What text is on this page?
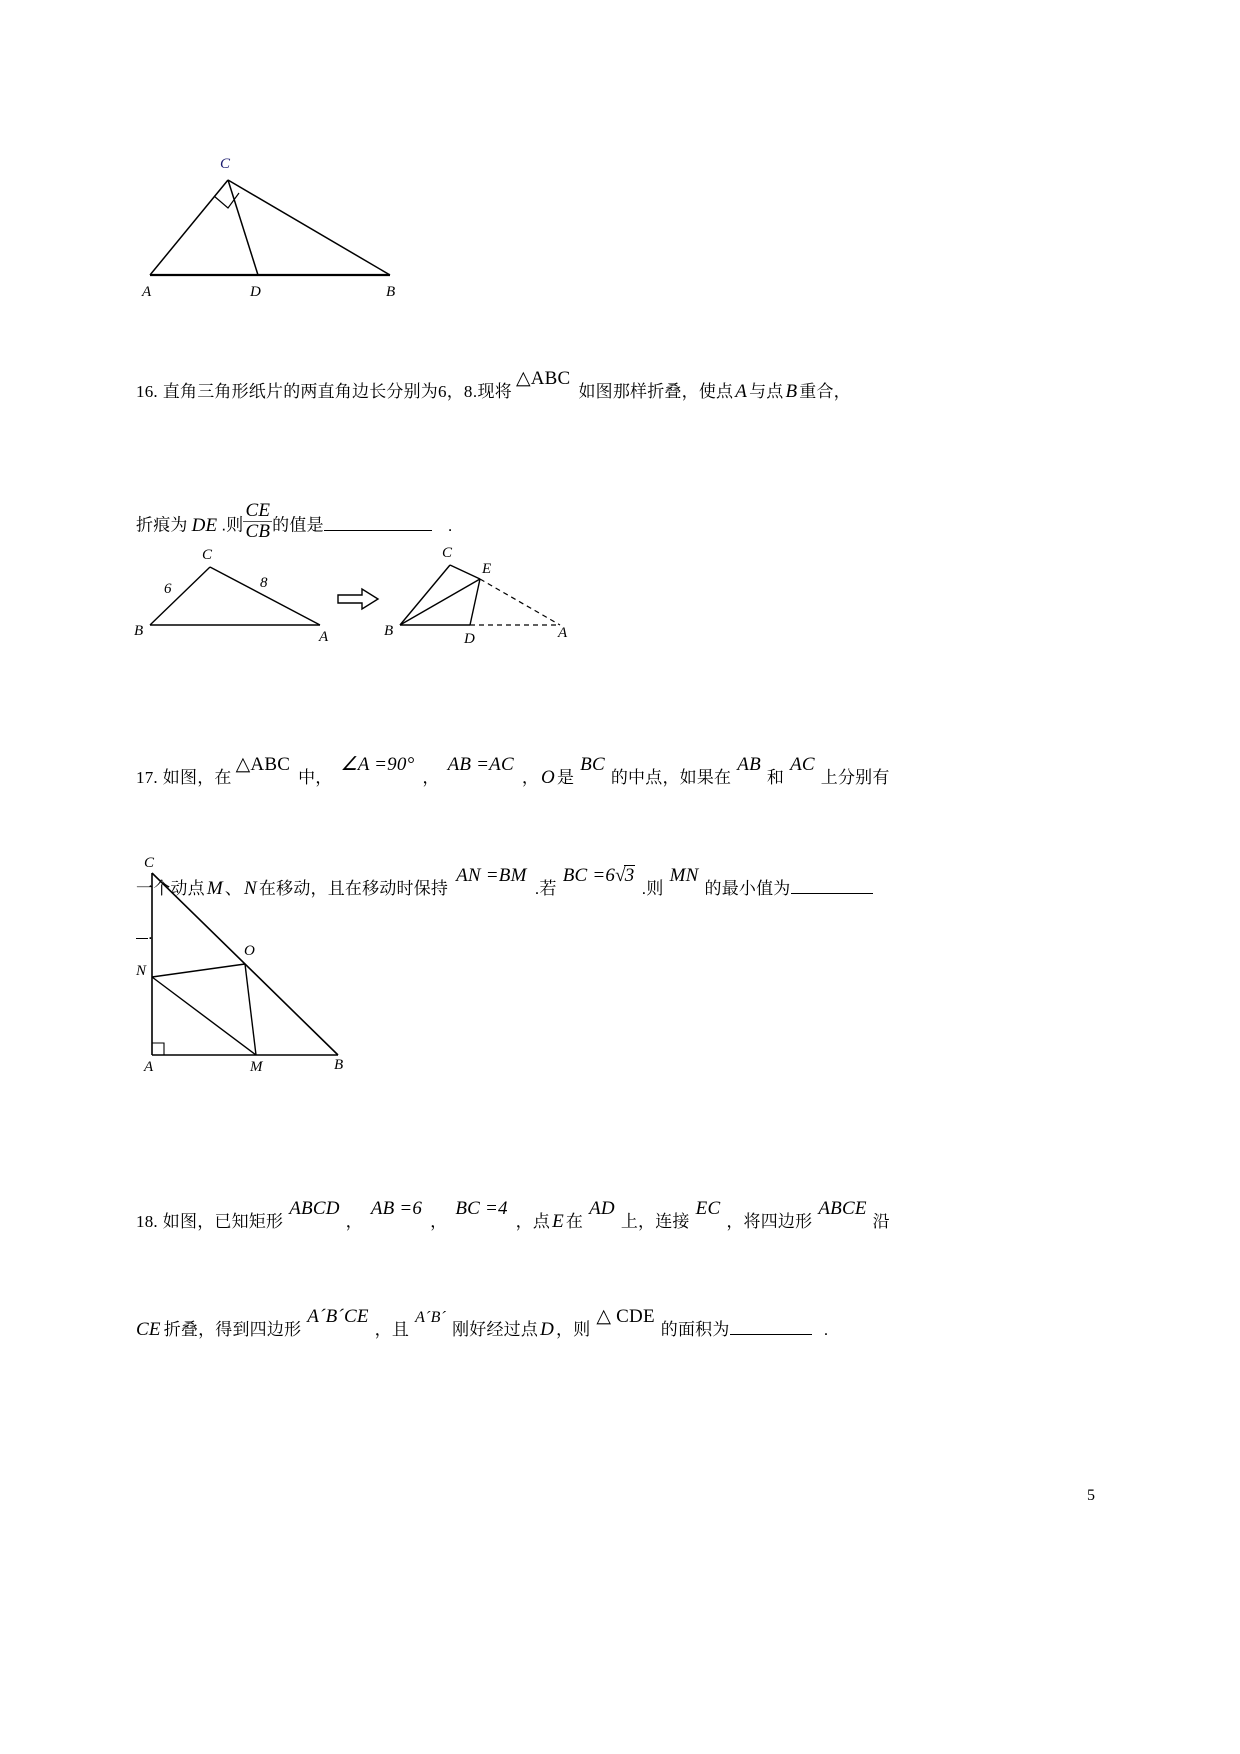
C
A	D	B
16. 直角三角形纸片的两直角边长分别为6，8.现将△ABC如图那样折叠，使点 A 与点 B 重合，
折痕为 DE .则 $\frac{CE}{CB}$ 的值是	.
C
B	A
6	8
C
E
B	D	A
17. 如图，在△ABC中，∠A =90°，AB =AC， O 是BC的中点，如果在AB和AC上分别有
一个动点 M 、 N 在移动，且在移动时保持AN =BM.若BC =6√3.则MN的最小值为
.
C
O
N
A	M	B
18. 如图，已知矩形ABCD，AB =6，BC =4，点 E 在AD上，连接EC，将四边形ABCE沿
CE 折叠，得到四边形A´B´CE，且A´B´刚好经过点 D ，则△ CDE的面积为	.
5
